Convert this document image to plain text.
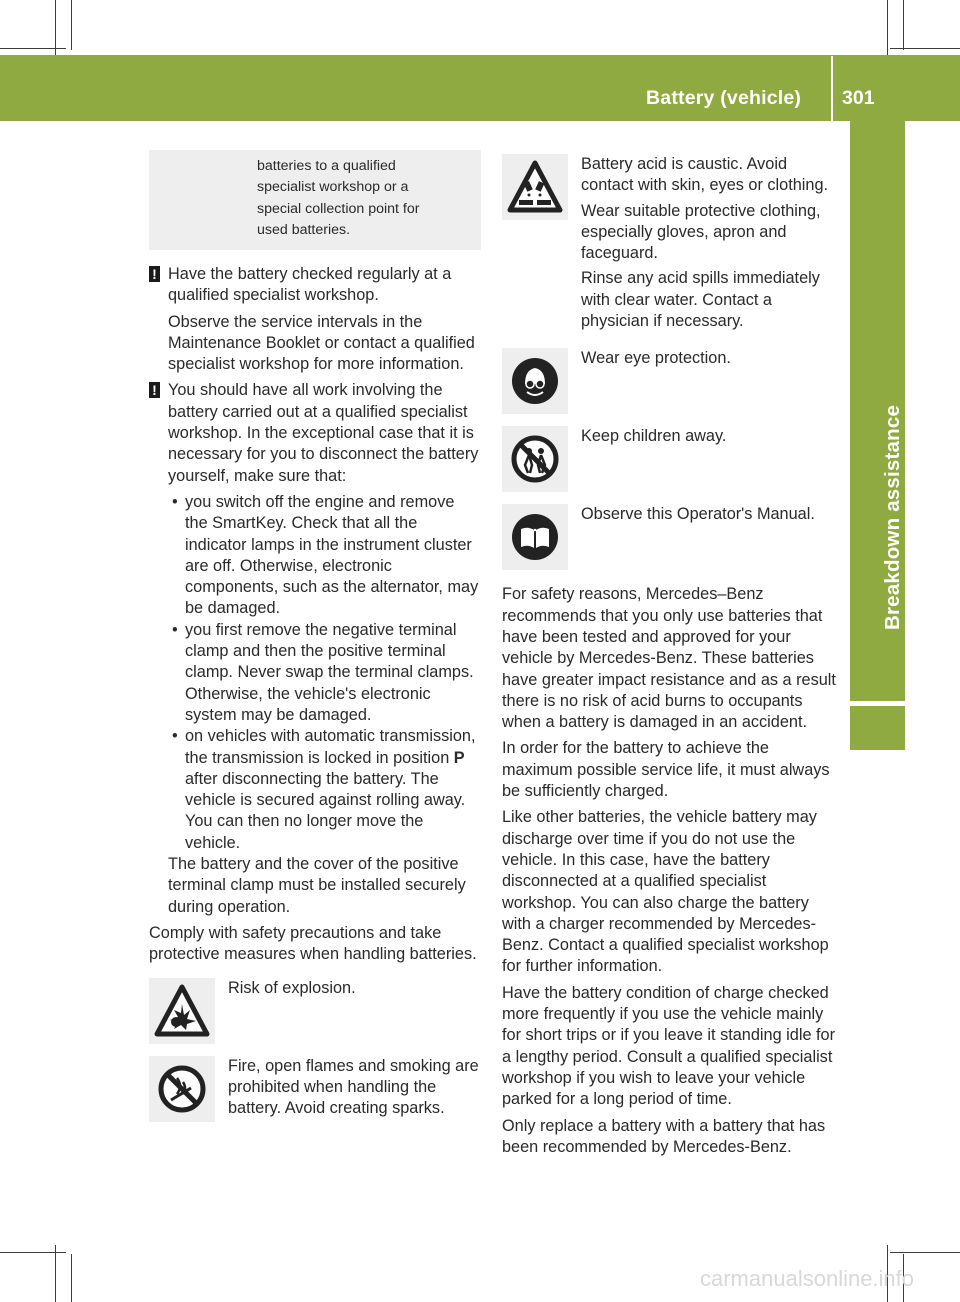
Battery (vehicle) 301
Breakdown assistance
batteries to a qualified
specialist workshop or a
special collection point for
used batteries.
! Have the battery checked regularly at a qualified specialist workshop.

Observe the service intervals in the Maintenance Booklet or contact a qualified specialist workshop for more information.

! You should have all work involving the battery carried out at a qualified specialist workshop. In the exceptional case that it is necessary for you to disconnect the battery yourself, make sure that:

• you switch off the engine and remove the SmartKey. Check that all the indicator lamps in the instrument cluster are off. Otherwise, electronic components, such as the alternator, may be damaged.

• you first remove the negative terminal clamp and then the positive terminal clamp. Never swap the terminal clamps. Otherwise, the vehicle's electronic system may be damaged.

• on vehicles with automatic transmission, the transmission is locked in position P after disconnecting the battery. The vehicle is secured against rolling away. You can then no longer move the vehicle.

The battery and the cover of the positive terminal clamp must be installed securely during operation.

Comply with safety precautions and take protective measures when handling batteries.

Risk of explosion.

Fire, open flames and smoking are prohibited when handling the battery. Avoid creating sparks.

Battery acid is caustic. Avoid contact with skin, eyes or clothing.

Wear suitable protective clothing, especially gloves, apron and faceguard.

Rinse any acid spills immediately with clear water. Contact a physician if necessary.

Wear eye protection.

Keep children away.

Observe this Operator's Manual.

For safety reasons, Mercedes–Benz recommends that you only use batteries that have been tested and approved for your vehicle by Mercedes-Benz. These batteries have greater impact resistance and as a result there is no risk of acid burns to occupants when a battery is damaged in an accident.

In order for the battery to achieve the maximum possible service life, it must always be sufficiently charged.

Like other batteries, the vehicle battery may discharge over time if you do not use the vehicle. In this case, have the battery disconnected at a qualified specialist workshop. You can also charge the battery with a charger recommended by Mercedes-Benz. Contact a qualified specialist workshop for further information.

Have the battery condition of charge checked more frequently if you use the vehicle mainly for short trips or if you leave it standing idle for a lengthy period. Consult a qualified specialist workshop if you wish to leave your vehicle parked for a long period of time.

Only replace a battery with a battery that has been recommended by Mercedes-Benz.

carmanualsonline.info
